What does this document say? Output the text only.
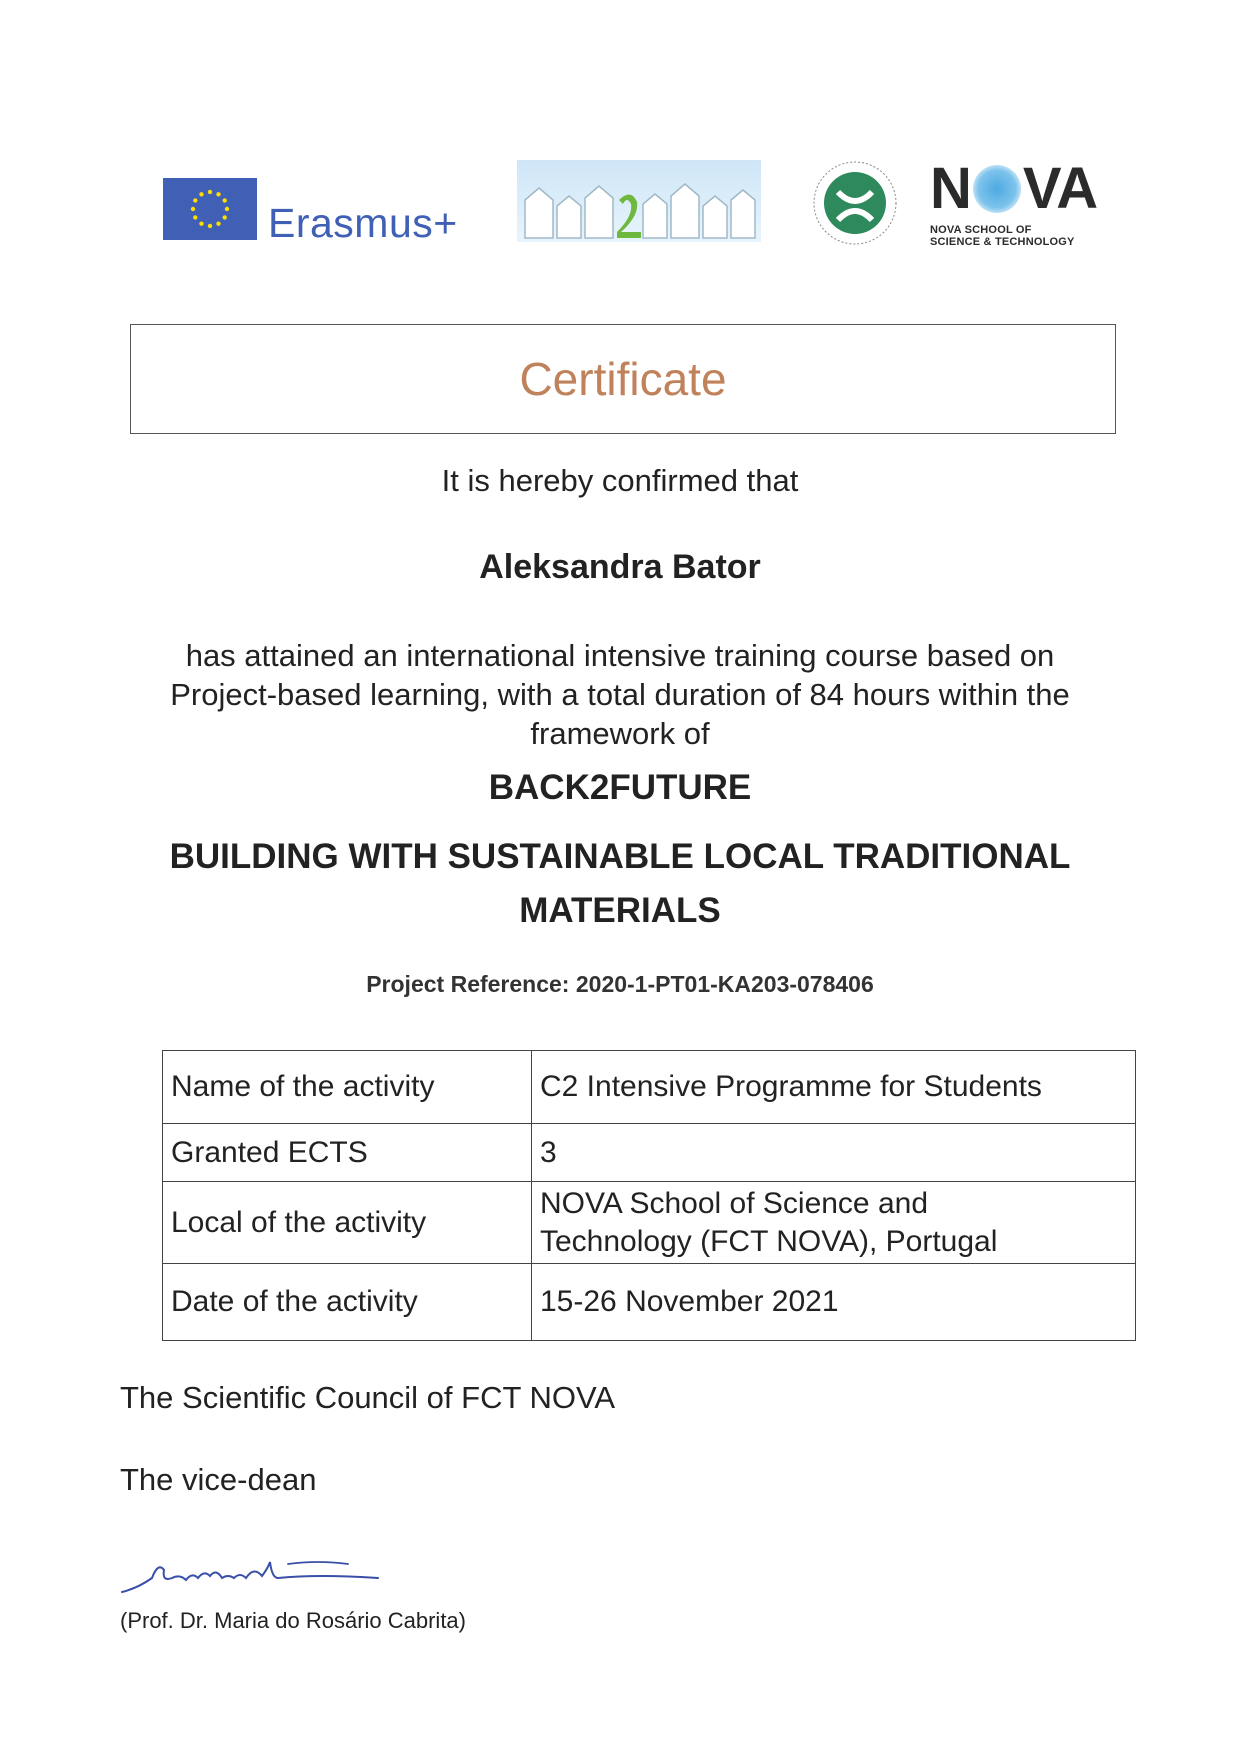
Erasmus+
N VA
NOVA SCHOOL OF
SCIENCE & TECHNOLOGY
Certificate
It is hereby confirmed that
Aleksandra Bator
has attained an international intensive training course based on
Project-based learning, with a total duration of 84 hours within the
framework of
BACK2FUTURE
BUILDING WITH SUSTAINABLE LOCAL TRADITIONAL
MATERIALS
Project Reference: 2020-1-PT01-KA203-078406
Name of the activity	C2 Intensive Programme for Students
Granted ECTS	3
Local of the activity	NOVA School of Science and
Technology (FCT NOVA), Portugal

Date of the activity	15-26 November 2021
The Scientific Council of FCT NOVA
The vice-dean
(Prof. Dr. Maria do Rosário Cabrita)
